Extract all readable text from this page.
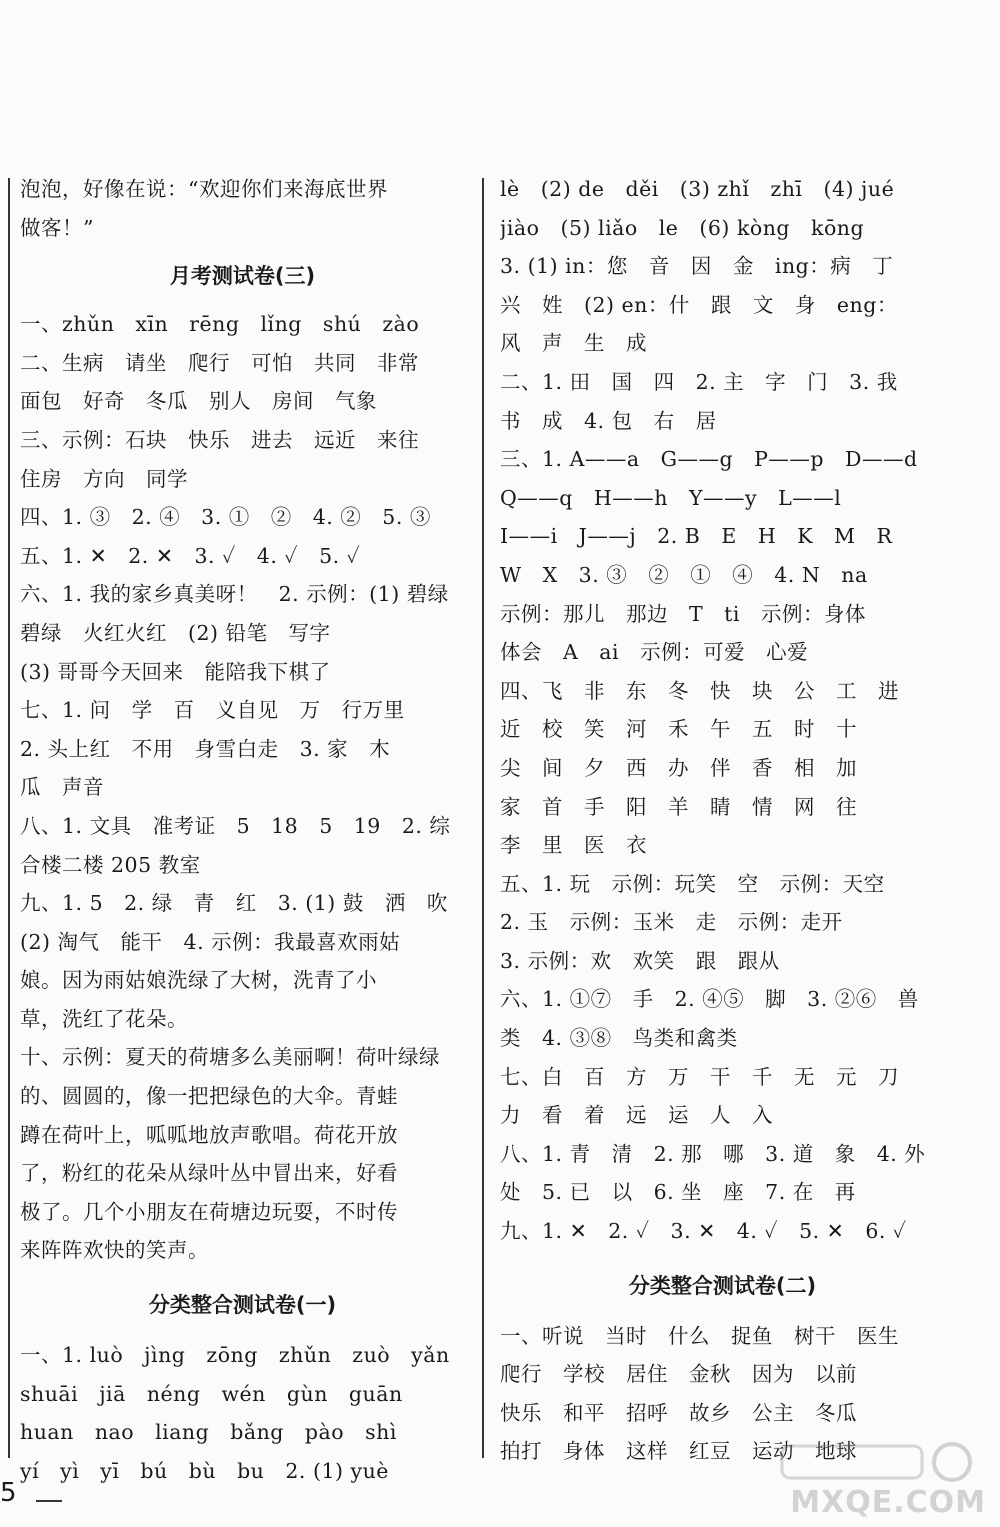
泡泡，好像在说：“欢迎你们来海底世界
做客！”
月考测试卷(三)
一、zhǔn　xīn　rēng　lǐng　shú　zào
二、生病　请坐　爬行　可怕　共同　非常
面包　好奇　冬瓜　别人　房间　气象
三、示例：石块　快乐　进去　远近　来往
住房　方向　同学
四、1. ③　2. ④　3. ①　②　4. ②　5. ③
五、1. ✕　2. ✕　3. ✓　4. ✓　5. ✓
六、1. 我的家乡真美呀！　2. 示例：(1) 碧绿
碧绿　火红火红　(2) 铅笔　写字
(3) 哥哥今天回来　能陪我下棋了
七、1. 问　学　百　义自见　万　行万里
2. 头上红　不用　身雪白走　3. 家　木
瓜　声音
八、1. 文具　准考证　5　18　5　19　2. 综
合楼二楼 205 教室
九、1. 5　2. 绿　青　红　3. (1) 鼓　洒　吹
(2) 淘气　能干　4. 示例：我最喜欢雨姑
娘。因为雨姑娘洗绿了大树，洗青了小
草，洗红了花朵。
十、示例：夏天的荷塘多么美丽啊！荷叶绿绿
的、圆圆的，像一把把绿色的大伞。青蛙
蹲在荷叶上，呱呱地放声歌唱。荷花开放
了，粉红的花朵从绿叶丛中冒出来，好看
极了。几个小朋友在荷塘边玩耍，不时传
来阵阵欢快的笑声。
分类整合测试卷(一)
一、1. luò　jìng　zōng　zhǔn　zuò　yǎn
shuāi　jiā　néng　wén　gùn　guān
huan　nao　liang　bǎng　pào　shì
yí　yì　yī　bú　bù　bu　2. (1) yuè
lè　(2) de　děi　(3) zhǐ　zhī　(4) jué
jiào　(5) liǎo　le　(6) kòng　kōng
3. (1) in：您　音　因　金　ing：病　丁
兴　姓　(2) en：什　跟　文　身　eng：
风　声　生　成
二、1. 田　国　四　2. 主　字　门　3. 我
书　成　4. 包　右　居
三、1. A——a　G——g　P——p　D——d
Q——q　H——h　Y——y　L——l
I——i　J——j　2. B　E　H　K　M　R
W　X　3. ③　②　①　④　4. N　na
示例：那儿　那边　T　ti　示例：身体
体会　A　ai　示例：可爱　心爱
四、飞　非　东　冬　快　块　公　工　进
近　校　笑　河　禾　午　五　时　十
尖　间　夕　西　办　伴　香　相　加
家　首　手　阳　羊　睛　情　网　往
李　里　医　衣
五、1. 玩　示例：玩笑　空　示例：天空
2. 玉　示例：玉米　走　示例：走开
3. 示例：欢　欢笑　跟　跟从
六、1. ①⑦　手　2. ④⑤　脚　3. ②⑥　兽
类　4. ③⑧　鸟类和禽类
七、白　百　方　万　干　千　无　元　刀
力　看　着　远　运　人　入
八、1. 青　清　2. 那　哪　3. 道　象　4. 外
处　5. 已　以　6. 坐　座　7. 在　再
九、1. ✕　2. ✓　3. ✕　4. ✓　5. ✕　6. ✓
分类整合测试卷(二)
一、听说　当时　什么　捉鱼　树干　医生
爬行　学校　居住　金秋　因为　以前
快乐　和平　招呼　故乡　公主　冬瓜
拍打　身体　这样　红豆　运动　地球
5	MXQE.COM
